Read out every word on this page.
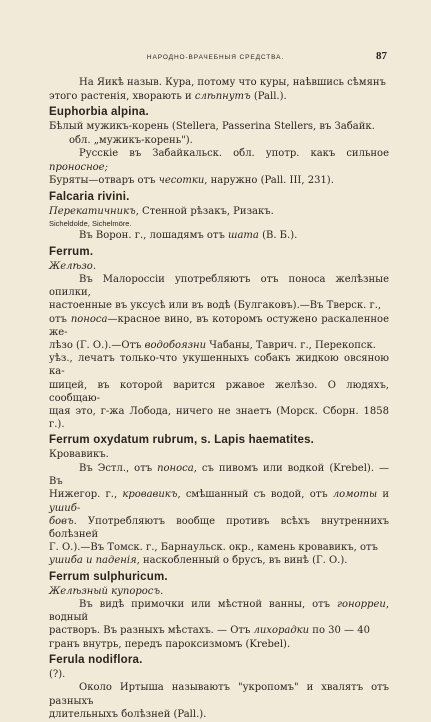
НАРОДНО-ВРАЧЕБНЫЯ СРЕДСТВА.	87

На Яикѣ назыв. Кура, потому что куры, наѣвшись сѣмянъ

этого растенія, хворають и слѣпнутъ (Pall.).

Euphorbia alpina.

Бѣлый мужикъ-корень (Stellera, Passerina Stellers, въ Забайк.

обл. „мужикъ-корень").

Русскіе въ Забайкальск. обл. употр. какъ сильное проносное;

Буряты—отваръ отъ чесотки, наружно (Pall. III, 231).

Falcaria rivini.

Перекатичникъ, Стенной рѣзакъ, Ризакъ.

Sicheldolde, Sichelmöre.

Въ Ворон. г., лошадямъ отъ шата (В. Б.).

Ferrum.

Желѣзо.

Въ Малороссіи употребляютъ отъ поноса желѣзные опилки,

настоенные въ уксусѣ или въ водѣ (Булгаковъ).—Въ Тверск. г.,

отъ поноса—красное вино, въ которомъ остужено раскаленное же-

лѣзо (Г. О.).—Отъ водобоязни Чабаны, Таврич. г., Перекопск.

уѣз., лечатъ только-что укушенныхъ собакъ жидкою овсяною ка-

шицей, въ которой варится ржавое желѣзо. О людяхъ, сообщаю-

щая это, г-жа Лобода, ничего не знаетъ (Морск. Сборн. 1858 г.).

Ferrum oxydatum rubrum, s. Lapis haematites.

Кровавикъ.

Въ Эстл., отъ поноса, съ пивомъ или водкой (Krebel). — Въ

Нижегор. г., кровавикъ, смѣшанный съ водой, отъ ломоты и ушиб-

бовъ. Употребляютъ вообще противъ всѣхъ внутреннихъ болѣзней

Г. О.).—Въ Томск. г., Барнаульск. окр., камень кровавикъ, отъ

ушиба и паденія, наскобленный о брусъ, въ винѣ (Г. О.).

Ferrum sulphuricum.

Желѣзный купоросъ.

Въ видѣ примочки или мѣстной ванны, отъ гонорреи, водный

растворъ. Въ разныхъ мѣстахъ. — Отъ лихорадки по 30 — 40

гранъ внутрь, передъ пароксизмомъ (Krebel).

Ferula nodiflora.

(?).

Около Иртыша называютъ "укропомъ" и хвалятъ отъ разныхъ

длительныхъ болѣзней (Pall.).
